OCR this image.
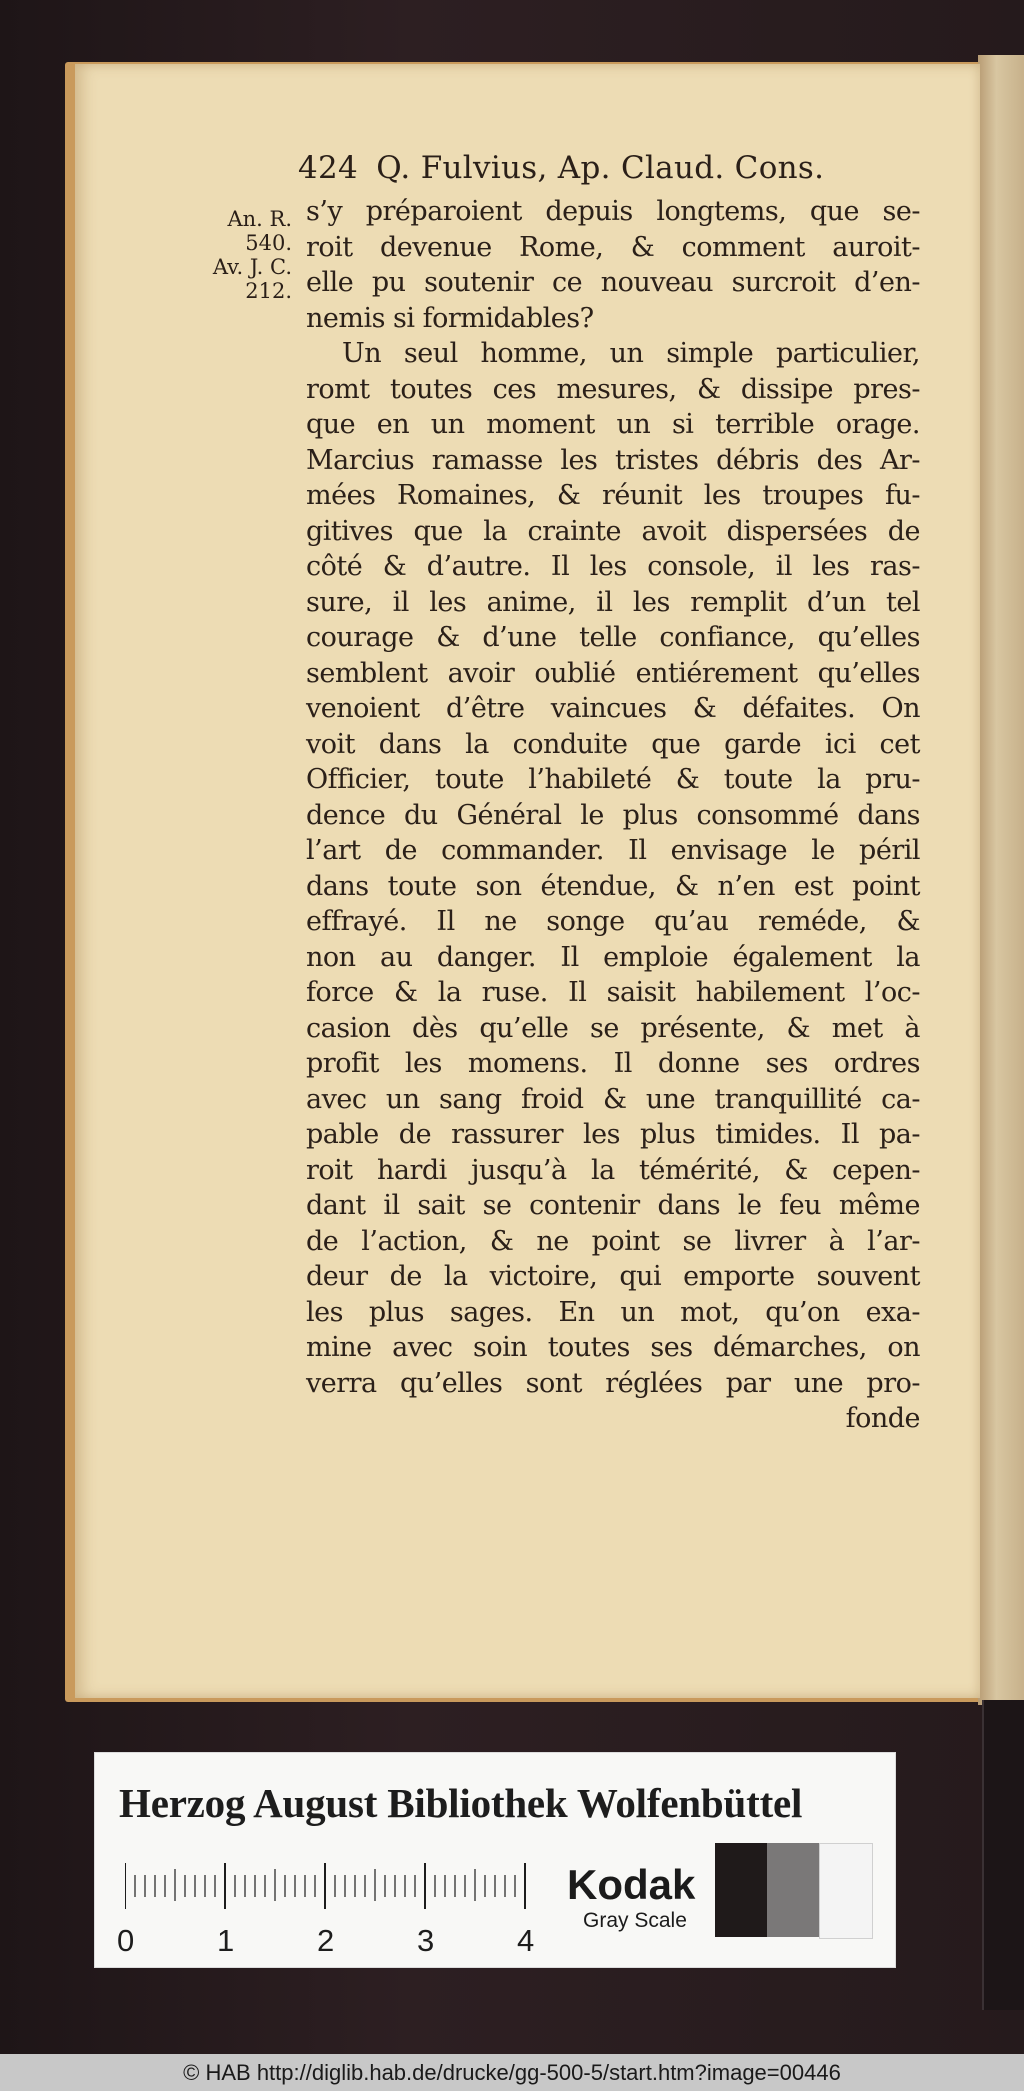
424 Q. Fulvius, Ap. Claud. Cons.
An. R.
540.
Av. J. C.
212.
s’y préparoient depuis longtems, que se-
roit devenue Rome, & comment auroit-
elle pu soutenir ce nouveau surcroit d’en-
nemis si formidables?
Un seul homme, un simple particulier,
romt toutes ces mesures, & dissipe pres-
que en un moment un si terrible orage.
Marcius ramasse les tristes débris des Ar-
mées Romaines, & réunit les troupes fu-
gitives que la crainte avoit dispersées de
côté & d’autre. Il les console, il les ras-
sure, il les anime, il les remplit d’un tel
courage & d’une telle confiance, qu’elles
semblent avoir oublié entiérement qu’elles
venoient d’être vaincues & défaites. On
voit dans la conduite que garde ici cet
Officier, toute l’habileté & toute la pru-
dence du Général le plus consommé dans
l’art de commander. Il envisage le péril
dans toute son étendue, & n’en est point
effrayé. Il ne songe qu’au reméde, &
non au danger. Il emploie également la
force & la ruse. Il saisit habilement l’oc-
casion dès qu’elle se présente, & met à
profit les momens. Il donne ses ordres
avec un sang froid & une tranquillité ca-
pable de rassurer les plus timides. Il pa-
roit hardi jusqu’à la témérité, & cepen-
dant il sait se contenir dans le feu même
de l’action, & ne point se livrer à l’ar-
deur de la victoire, qui emporte souvent
les plus sages. En un mot, qu’on exa-
mine avec soin toutes ses démarches, on
verra qu’elles sont réglées par une pro-
fonde
Herzog August Bibliothek Wolfenbüttel
0	1	2	3	4
Kodak
Gray Scale
© HAB http://diglib.hab.de/drucke/gg-500-5/start.htm?image=00446
